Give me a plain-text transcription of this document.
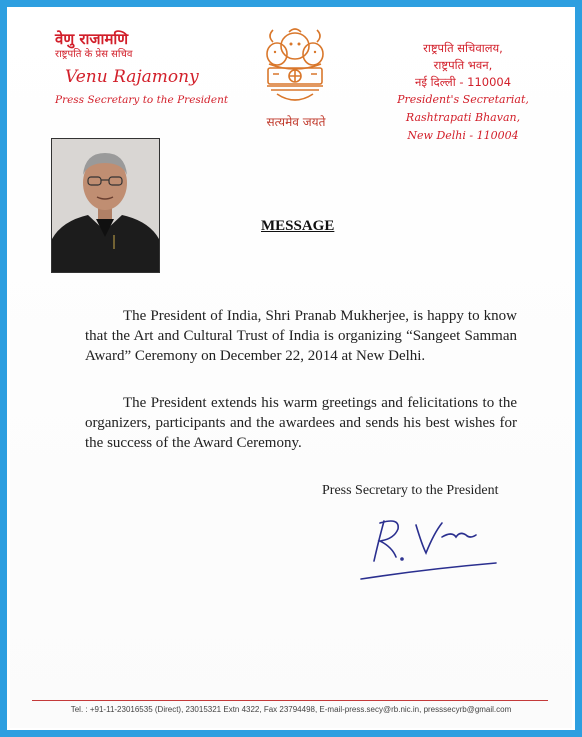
वेणु राजामणि
राष्ट्रपति के प्रेस सचिव
Venu Rajamony
Press Secretary to the President
सत्यमेव जयते
राष्ट्रपति सचिवालय,
राष्ट्रपति भवन,
नई दिल्ली - 110004
President's Secretariat,
Rashtrapati Bhavan,
New Delhi - 110004
MESSAGE

The President of India, Shri Pranab Mukherjee, is happy to know that the Art and Cultural Trust of India is organizing “Sangeet Samman Award” Ceremony on December 22, 2014 at New Delhi.

The President extends his warm greetings and felicitations to the organizers, participants and the awardees and sends his best wishes for the success of the Award Ceremony.

Press Secretary to the President
Tel. : +91-11-23016535 (Direct), 23015321 Extn 4322, Fax 23794498, E-mail-press.secy@rb.nic.in, presssecyrb@gmail.com
